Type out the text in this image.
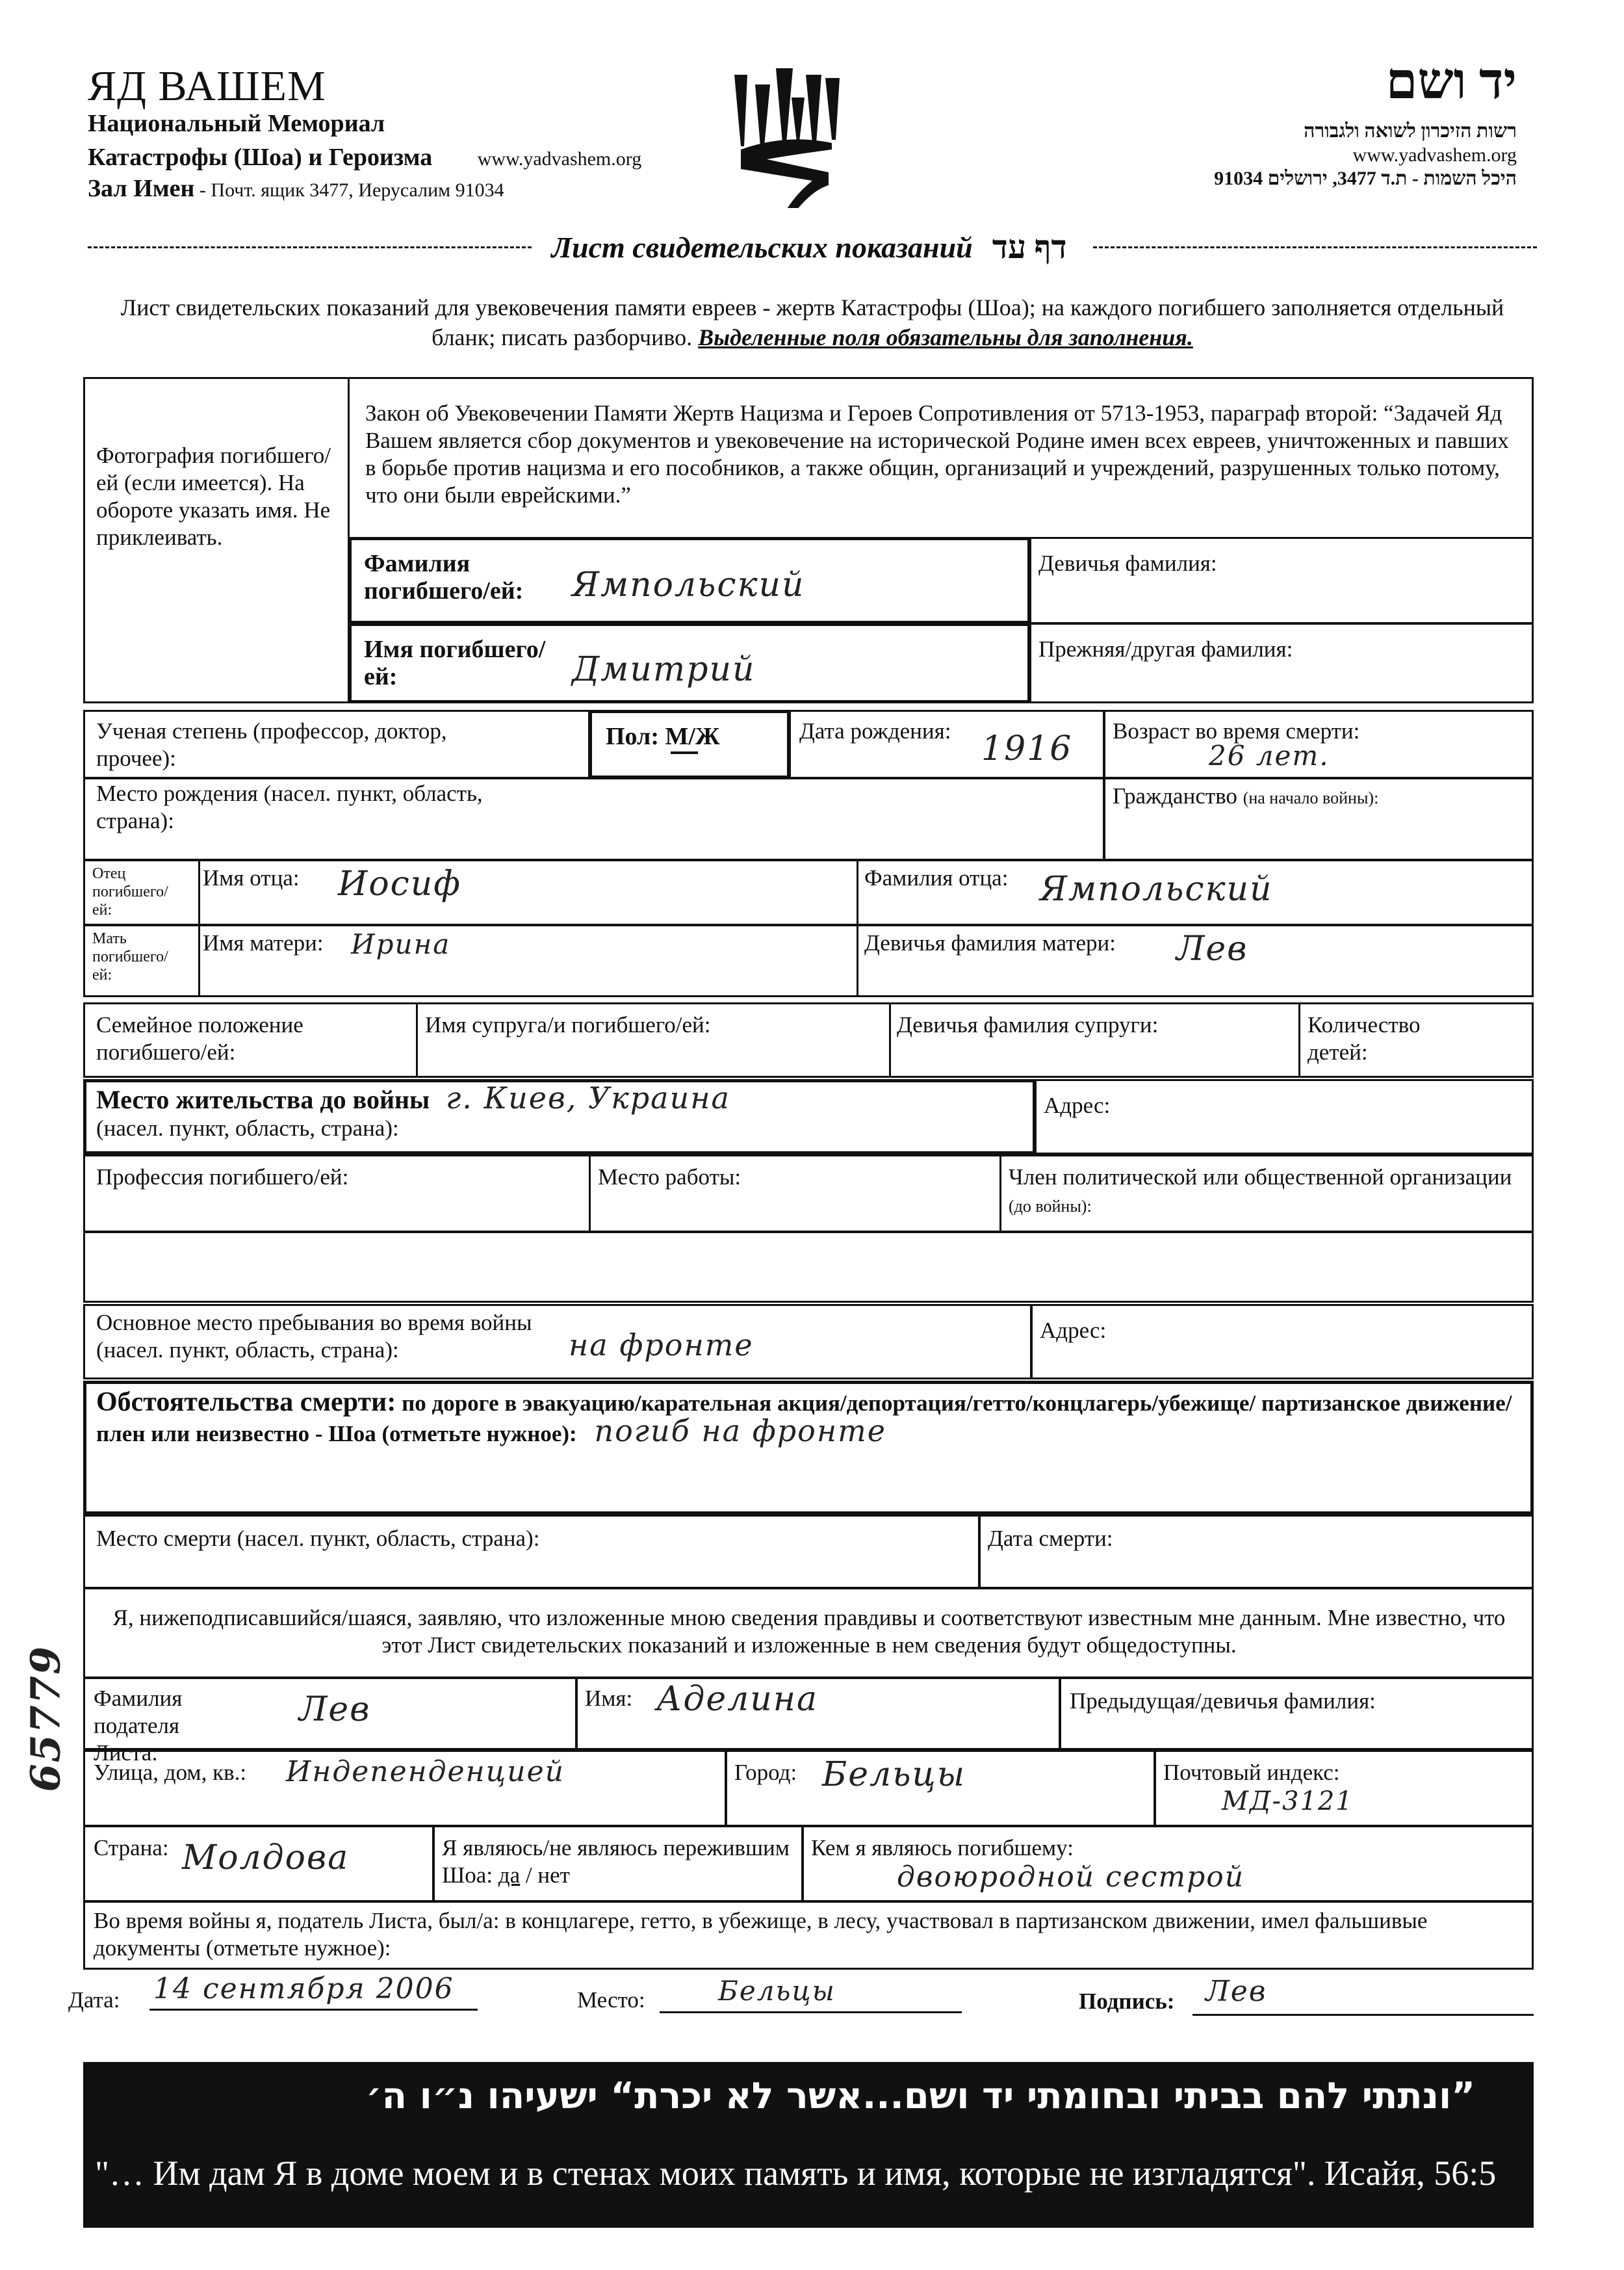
ЯД ВАШЕМ
Национальный Мемориал
Катастрофы (Шоа) и Героизма www.yadvashem.org
Зал Имен - Почт. ящик 3477, Иерусалим 91034
יד ושם
רשות הזיכרון לשואה ולגבורה
www.yadvashem.org
היכל השמות - ת.ד 3477, ירושלים 91034
Лист свидетельских показаний דף עד
Лист свидетельских показаний для увековечения памяти евреев - жертв Катастрофы (Шоа); на каждого погибшего заполняется отдельный бланк; писать разборчиво. Выделенные поля обязательны для заполнения.
Фотография погибшего/ей (если имеется). На обороте указать имя. Не приклеивать.
Закон об Увековечении Памяти Жертв Нацизма и Героев Сопротивления от 5713-1953, параграф второй: “Задачей Яд Вашем является сбор документов и увековечение на исторической Родине имен всех евреев, уничтоженных и павших в борьбе против нацизма и его пособников, а также общин, организаций и учреждений, разрушенных только потому, что они были еврейскими.”
Фамилия погибшего/ей:	Ямпольский
Девичья фамилия:
Имя погибшего/ей:	Дмитрий
Прежняя/другая фамилия:
Ученая степень (профессор, доктор, прочее):
Пол: М/Ж	Дата рождения: 1916 Возраст во время смерти:
26 лет.
Место рождения (насел. пункт, область, страна):
Гражданство (на начало войны):
Отец погибшего/ ей:
Имя отца: Иосиф	Фамилия отца: Ямпольский
Мать погибшего/ ей:
Имя матери: Ирина	Девичья фамилия матери: Лев
Семейное положение погибшего/ей:
Имя супруга/и погибшего/ей:	Девичья фамилия супруги:	Количество детей:
Место жительства до войны г. Киев, Украина
(насел. пункт, область, страна):
Адрес:
Профессия погибшего/ей:	Место работы:	Член политической или общественной организации (до войны):
Основное место пребывания во время войны (насел. пункт, область, страна):	на фронте	Адрес:
Обстоятельства смерти: по дороге в эвакуацию/карательная акция/депортация/гетто/концлагерь/убежище/ партизанское движение/плен или неизвестно - Шоа (отметьте нужное): погиб на фронте
Место смерти (насел. пункт, область, страна):	Дата смерти:
Я, нижеподписавшийся/шаяся, заявляю, что изложенные мною сведения правдивы и соответствуют известным мне данным. Мне известно, что этот Лист свидетельских показаний и изложенные в нем сведения будут общедоступны.
Фамилия подателя Листа:
Лев	Имя: Аделина	Предыдущая/девичья фамилия:
Улица, дом, кв.: Индепенденцией	Город: Бельцы	Почтовый индекс:
МД-3121
Страна: Молдова	Я являюсь/не являюсь пережившим Шоа: да / нет
Кем я являюсь погибшему:
двоюродной сестрой
Во время войны я, податель Листа, был/а: в концлагере, гетто, в убежище, в лесу, участвовал в партизанском движении, имел фальшивые документы (отметьте нужное):
Дата: 14 сентября 2006	Место:	Бельцы	Подпись: Лев
65779
”ונתתי להם בביתי ובחומתי יד ושם...אשר לא יכרת“ ישעיהו נ״ו ה׳
"… Им дам Я в доме моем и в стенах моих память и имя, которые не изгладятся". Исайя, 56:5
